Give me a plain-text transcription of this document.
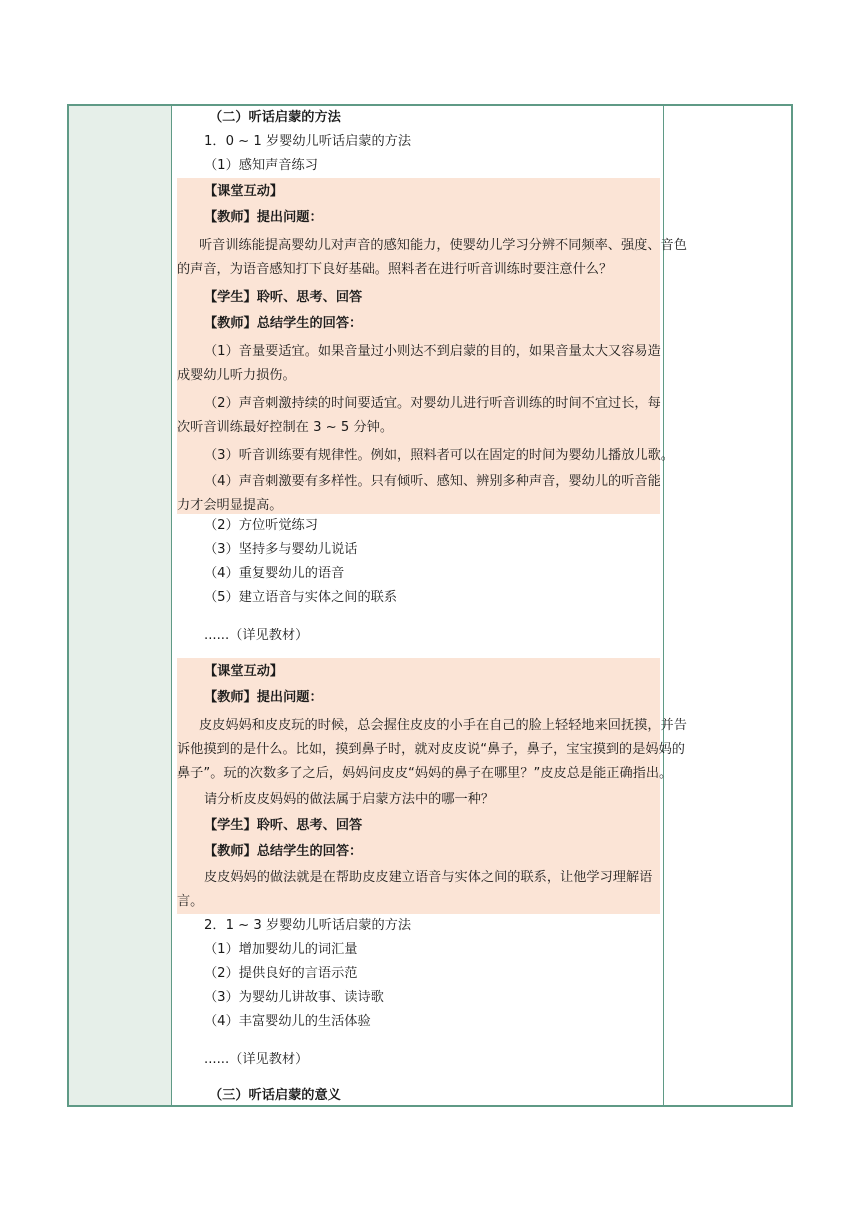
（二）听话启蒙的方法
1．0 ~ 1 岁婴幼儿听话启蒙的方法
（1）感知声音练习
【课堂互动】
【教师】提出问题：
听音训练能提高婴幼儿对声音的感知能力，使婴幼儿学习分辨不同频率、强度、音色
的声音，为语音感知打下良好基础。照料者在进行听音训练时要注意什么？
【学生】聆听、思考、回答
【教师】总结学生的回答：
（1）音量要适宜。如果音量过小则达不到启蒙的目的，如果音量太大又容易造
成婴幼儿听力损伤。
（2）声音刺激持续的时间要适宜。对婴幼儿进行听音训练的时间不宜过长，每
次听音训练最好控制在 3 ~ 5 分钟。
（3）听音训练要有规律性。例如，照料者可以在固定的时间为婴幼儿播放儿歌。
（4）声音刺激要有多样性。只有倾听、感知、辨别多种声音，婴幼儿的听音能
力才会明显提高。
（2）方位听觉练习
（3）坚持多与婴幼儿说话
（4）重复婴幼儿的语音
（5）建立语音与实体之间的联系
......（详见教材）
【课堂互动】
【教师】提出问题：
皮皮妈妈和皮皮玩的时候，总会握住皮皮的小手在自己的脸上轻轻地来回抚摸，并告
诉他摸到的是什么。比如，摸到鼻子时，就对皮皮说“鼻子，鼻子，宝宝摸到的是妈妈的
鼻子”。玩的次数多了之后，妈妈问皮皮“妈妈的鼻子在哪里？”皮皮总是能正确指出。
请分析皮皮妈妈的做法属于启蒙方法中的哪一种？
【学生】聆听、思考、回答
【教师】总结学生的回答：
皮皮妈妈的做法就是在帮助皮皮建立语音与实体之间的联系，让他学习理解语
言。
2．1 ~ 3 岁婴幼儿听话启蒙的方法
（1）增加婴幼儿的词汇量
（2）提供良好的言语示范
（3）为婴幼儿讲故事、读诗歌
（4）丰富婴幼儿的生活体验
......（详见教材）
（三）听话启蒙的意义
